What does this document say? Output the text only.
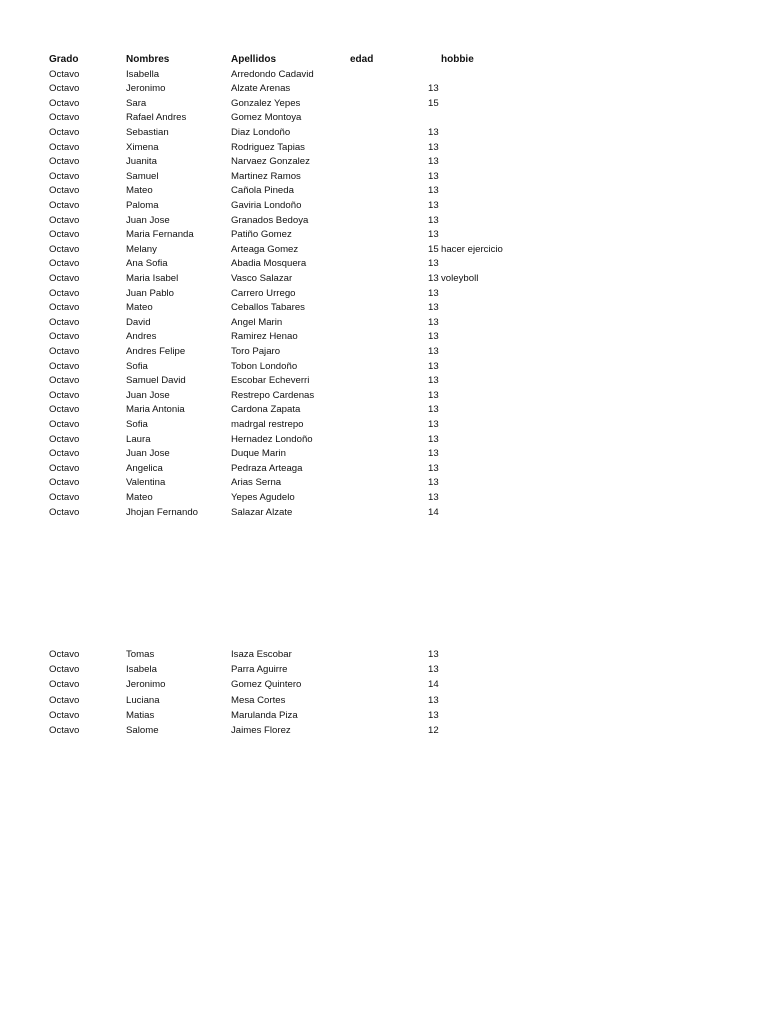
Grado	Nombres	Apellidos	edad	hobbie
Octavo	Isabella	Arredondo Cadavid
Octavo	Jeronimo	Alzate Arenas	13
Octavo	Sara	Gonzalez Yepes	15
Octavo	Rafael Andres	Gomez Montoya
Octavo	Sebastian	Diaz Londoño	13
Octavo	Ximena	Rodriguez Tapias	13
Octavo	Juanita	Narvaez Gonzalez	13
Octavo	Samuel	Martinez Ramos	13
Octavo	Mateo	Cañola Pineda	13
Octavo	Paloma	Gaviria Londoño	13
Octavo	Juan Jose	Granados Bedoya	13
Octavo	Maria Fernanda	Patiño Gomez	13
Octavo	Melany	Arteaga Gomez	15 hacer ejercicio
Octavo	Ana Sofia	Abadia Mosquera	13
Octavo	Maria Isabel	Vasco Salazar	13 voleyboll
Octavo	Juan Pablo	Carrero Urrego	13
Octavo	Mateo	Ceballos Tabares	13
Octavo	David	Angel Marin	13
Octavo	Andres	Ramirez Henao	13
Octavo	Andres Felipe	Toro Pajaro	13
Octavo	Sofia	Tobon Londoño	13
Octavo	Samuel David	Escobar Echeverri	13
Octavo	Juan Jose	Restrepo Cardenas	13
Octavo	Maria Antonia	Cardona Zapata	13
Octavo	Sofia	madrgal restrepo	13
Octavo	Laura	Hernadez Londoño	13
Octavo	Juan Jose	Duque Marin	13
Octavo	Angelica	Pedraza Arteaga	13
Octavo	Valentina	Arias Serna	13
Octavo	Mateo	Yepes Agudelo	13
Octavo	Jhojan Fernando	Salazar Alzate	14
Octavo	Tomas	Isaza Escobar	13
Octavo	Isabela	Parra Aguirre	13
Octavo	Jeronimo	Gomez Quintero	14
Octavo	Luciana	Mesa Cortes	13
Octavo	Matias	Marulanda Piza	13
Octavo	Salome	Jaimes Florez	12
